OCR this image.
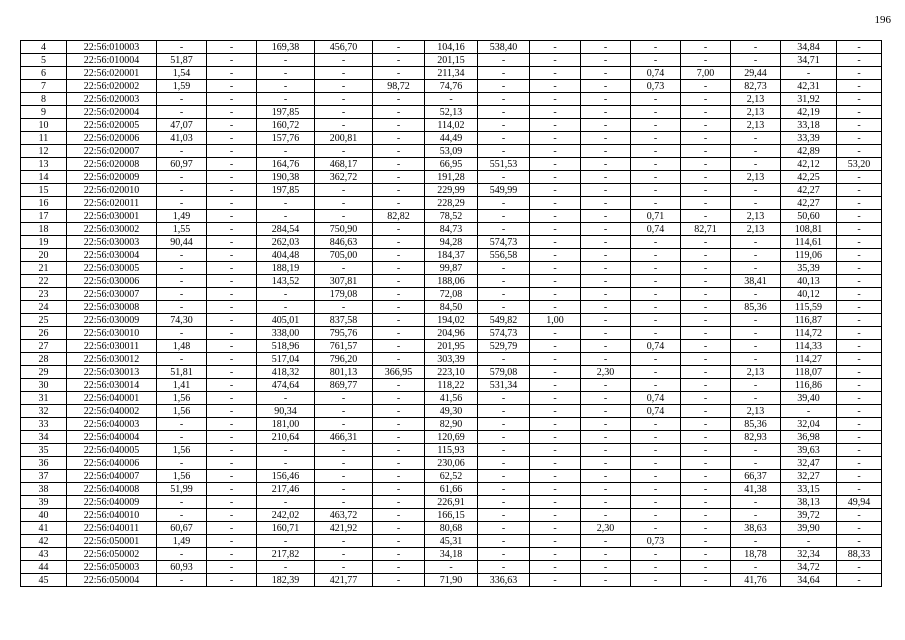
196
4	22:56:010003	-	-	169,38	456,70	-	104,16	538,40	-	-	-	-	-	34,84	-
5	22:56:010004	51,87	-	-	-	-	201,15	-	-	-	-	-	-	34,71	-
6	22:56:020001	1,54	-	-	-	-	211,34	-	-	-	0,74	7,00	29,44	-	-
7	22:56:020002	1,59	-	-	-	98,72	74,76	-	-	-	0,73	-	82,73	42,31	-
8	22:56:020003	-	-	-	-	-	-	-	-	-	-	-	2,13	31,92	-
9	22:56:020004	-	-	197,85	-	-	52,13	-	-	-	-	-	2,13	42,19	-
10	22:56:020005	47,07	-	160,72	-	-	114,02	-	-	-	-	-	2,13	33,18	-
11	22:56:020006	41,03	-	157,76	200,81	-	44,49	-	-	-	-	-	-	33,39	-
12	22:56:020007	-	-	-	-	-	53,09	-	-	-	-	-	-	42,89	-
13	22:56:020008	60,97	-	164,76	468,17	-	66,95	551,53	-	-	-	-	-	42,12	53,20
14	22:56:020009	-	-	190,38	362,72	-	191,28	-	-	-	-	-	2,13	42,25	-
15	22:56:020010	-	-	197,85	-	-	229,99	549,99	-	-	-	-	-	42,27	-
16	22:56:020011	-	-	-	-	-	228,29	-	-	-	-	-	-	42,27	-
17	22:56:030001	1,49	-	-	-	82,82	78,52	-	-	-	0,71	-	2,13	50,60	-
18	22:56:030002	1,55	-	284,54	750,90	-	84,73	-	-	-	0,74	82,71	2,13	108,81	-
19	22:56:030003	90,44	-	262,03	846,63	-	94,28	574,73	-	-	-	-	-	114,61	-
20	22:56:030004	-	-	404,48	705,00	-	184,37	556,58	-	-	-	-	-	119,06	-
21	22:56:030005	-	-	188,19	-	-	99,87	-	-	-	-	-	-	35,39	-
22	22:56:030006	-	-	143,52	307,81	-	188,06	-	-	-	-	-	38,41	40,13	-
23	22:56:030007	-	-	-	179,08	-	72,08	-	-	-	-	-	-	40,12	-
24	22:56:030008	-	-	-	-	-	84,50	-	-	-	-	-	85,36	115,59	-
25	22:56:030009	74,30	-	405,01	837,58	-	194,02	549,82	1,00	-	-	-	-	116,87	-
26	22:56:030010	-	-	338,00	795,76	-	204,96	574,73	-	-	-	-	-	114,72	-
27	22:56:030011	1,48	-	518,96	761,57	-	201,95	529,79	-	-	0,74	-	-	114,33	-
28	22:56:030012	-	-	517,04	796,20	-	303,39	-	-	-	-	-	-	114,27	-
29	22:56:030013	51,81	-	418,32	801,13	366,95	223,10	579,08	-	2,30	-	-	2,13	118,07	-
30	22:56:030014	1,41	-	474,64	869,77	-	118,22	531,34	-	-	-	-	-	116,86	-
31	22:56:040001	1,56	-	-	-	-	41,56	-	-	-	0,74	-	-	39,40	-
32	22:56:040002	1,56	-	90,34	-	-	49,30	-	-	-	0,74	-	2,13	-	-
33	22:56:040003	-	-	181,00	-	-	82,90	-	-	-	-	-	85,36	32,04	-
34	22:56:040004	-	-	210,64	466,31	-	120,69	-	-	-	-	-	82,93	36,98	-
35	22:56:040005	1,56	-	-	-	-	115,93	-	-	-	-	-	-	39,63	-
36	22:56:040006	-	-	-	-	-	230,06	-	-	-	-	-	-	32,47	-
37	22:56:040007	1,56	-	156,46	-	-	62,52	-	-	-	-	-	66,37	32,27	-
38	22:56:040008	51,99	-	217,46	-	-	61,66	-	-	-	-	-	41,38	33,15	-
39	22:56:040009	-	-	-	-	-	226,91	-	-	-	-	-	-	38,13	49,94
40	22:56:040010	-	-	242,02	463,72	-	166,15	-	-	-	-	-	-	39,72	-
41	22:56:040011	60,67	-	160,71	421,92	-	80,68	-	-	2,30	-	-	38,63	39,90	-
42	22:56:050001	1,49	-	-	-	-	45,31	-	-	-	0,73	-	-	-	-
43	22:56:050002	-	-	217,82	-	-	34,18	-	-	-	-	-	18,78	32,34	88,33
44	22:56:050003	60,93	-	-	-	-	-	-	-	-	-	-	-	34,72	-
45	22:56:050004	-	-	182,39	421,77	-	71,90	336,63	-	-	-	-	41,76	34,64	-
